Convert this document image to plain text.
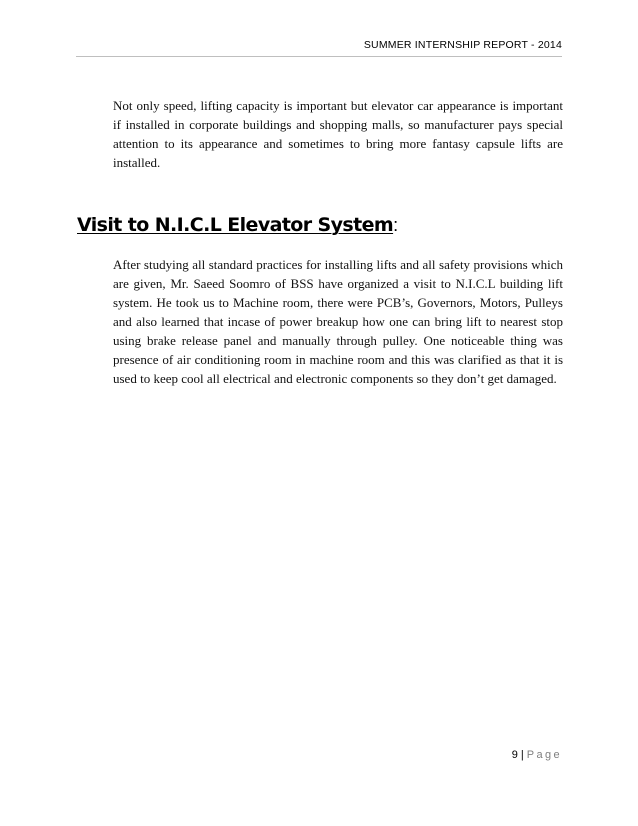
SUMMER INTERNSHIP REPORT - 2014

Not only speed, lifting capacity is important but elevator car appearance is important if installed in corporate buildings and shopping malls, so manufacturer pays special attention to its appearance and sometimes to bring more fantasy capsule lifts are installed.

Visit to N.I.C.L Elevator System:

After studying all standard practices for installing lifts and all safety provisions which are given, Mr. Saeed Soomro of BSS have organized a visit to N.I.C.L building lift system. He took us to Machine room, there were PCB’s, Governors, Motors, Pulleys and also learned that incase of power breakup how one can bring lift to nearest stop using brake release panel and manually through pulley. One noticeable thing was presence of air conditioning room in machine room and this was clarified as that it is used to keep cool all electrical and electronic components so they don’t get damaged.

9 | Page
